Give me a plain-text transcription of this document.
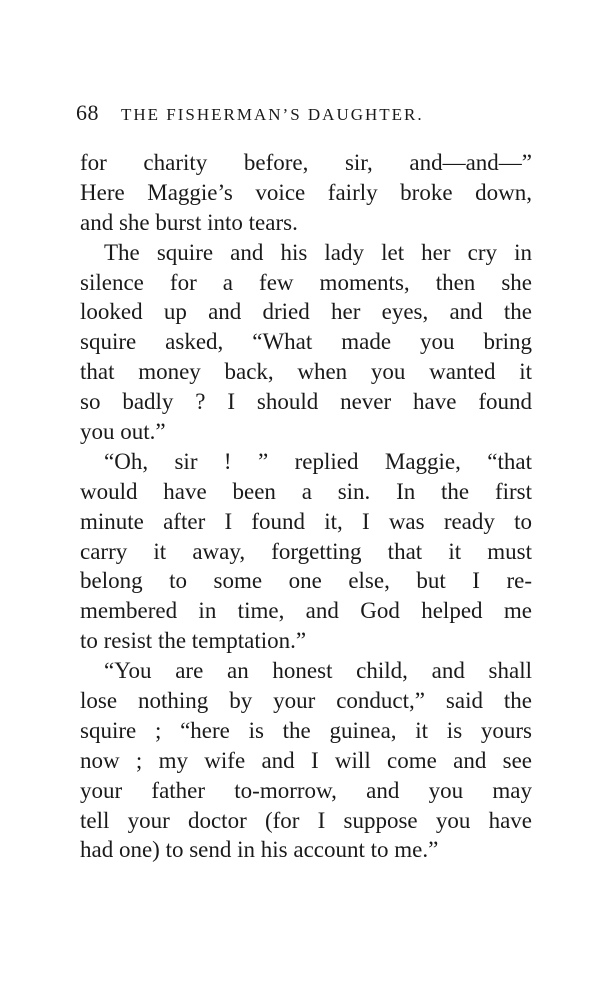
68 THE FISHERMAN’S DAUGHTER.
for charity before, sir, and—and—”
Here Maggie’s voice fairly broke down,
and she burst into tears.
The squire and his lady let her cry in
silence for a few moments, then she
looked up and dried her eyes, and the
squire asked, “What made you bring
that money back, when you wanted it
so badly ? I should never have found
you out.”
“Oh, sir ! ” replied Maggie, “that
would have been a sin. In the first
minute after I found it, I was ready to
carry it away, forgetting that it must
belong to some one else, but I re-
membered in time, and God helped me
to resist the temptation.”
“You are an honest child, and shall
lose nothing by your conduct,” said the
squire ; “here is the guinea, it is yours
now ; my wife and I will come and see
your father to-morrow, and you may
tell your doctor (for I suppose you have
had one) to send in his account to me.”
